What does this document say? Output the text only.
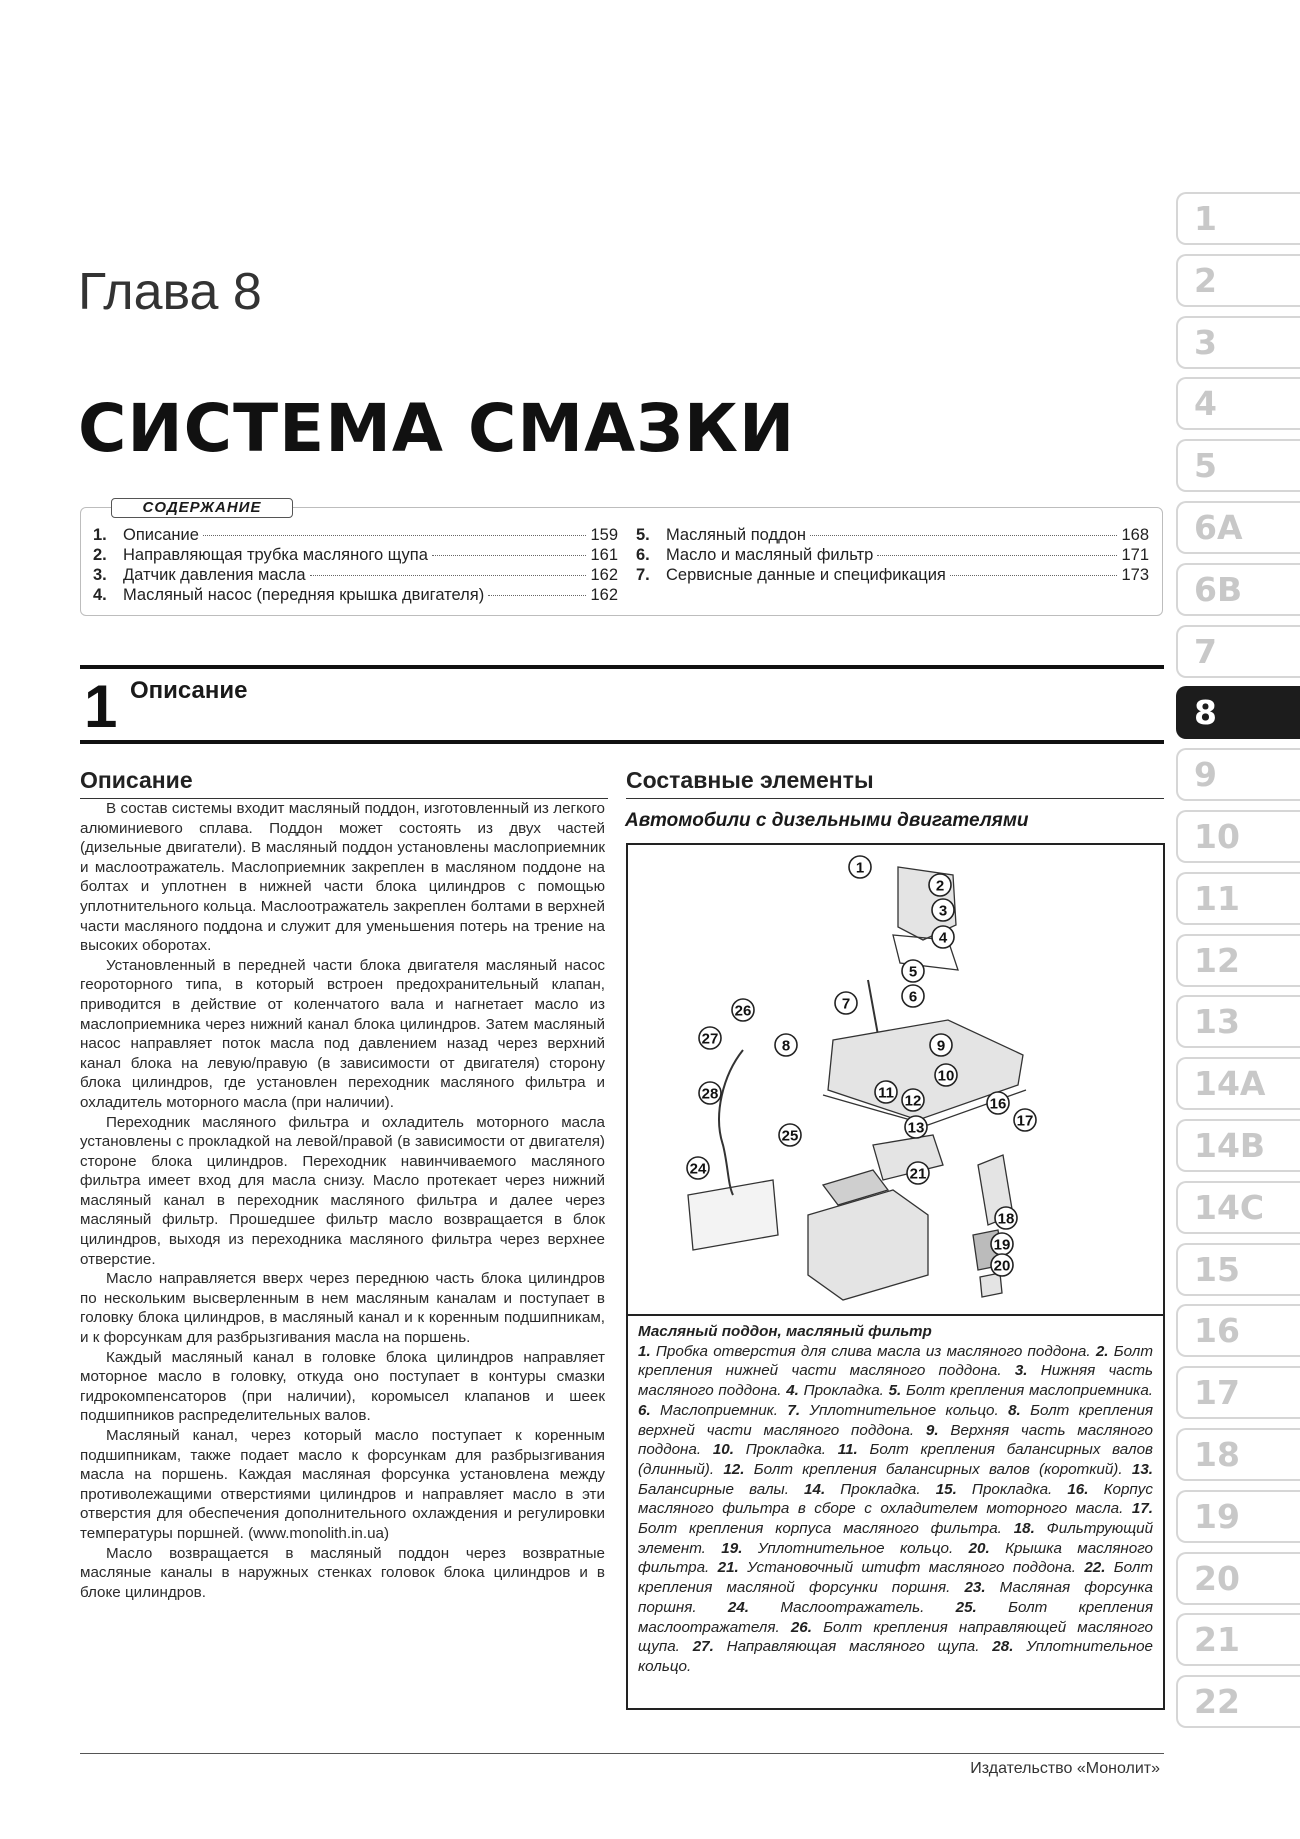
Глава 8
СИСТЕМА СМАЗКИ
СОДЕРЖАНИЕ
1. Описание	159
2. Направляющая трубка масляного щупа	161
3. Датчик давления масла	162
4. Масляный насос (передняя крышка двигателя)	162
5. Масляный поддон	168
6. Масло и масляный фильтр	171
7. Сервисные данные и спецификация	173
1 Описание
Описание

В состав системы входит масляный поддон, изготовленный из легкого алюминиевого сплава. Поддон может состоять из двух частей (дизельные двигатели). В масляный поддон установлены маслоприемник и маслоотражатель. Маслоприемник закреплен в масляном поддоне на болтах и уплотнен в нижней части блока цилиндров с помощью уплотнительного кольца. Маслоотражатель закреплен болтами в верхней части масляного поддона и служит для уменьшения потерь на трение на высоких оборотах.

Установленный в передней части блока двигателя масляный насос геороторного типа, в который встроен предохранительный клапан, приводится в действие от коленчатого вала и нагнетает масло из маслоприемника через нижний канал блока цилиндров. Затем масляный насос направляет поток масла под давлением назад через верхний канал блока на левую/правую (в зависимости от двигателя) сторону блока цилиндров, где установлен переходник масляного фильтра и охладитель моторного масла (при наличии).

Переходник масляного фильтра и охладитель моторного масла установлены с прокладкой на левой/правой (в зависимости от двигателя) стороне блока цилиндров. Переходник навинчиваемого масляного фильтра имеет вход для масла снизу. Масло протекает через нижний масляный канал в переходник масляного фильтра и далее через масляный фильтр. Прошедшее фильтр масло возвращается в блок цилиндров, выходя из переходника масляного фильтра через верхнее отверстие.

Масло направляется вверх через переднюю часть блока цилиндров по нескольким высверленным в нем масляным каналам и поступает в головку блока цилиндров, в масляный канал и к коренным подшипникам, и к форсункам для разбрызгивания масла на поршень.

Каждый масляный канал в головке блока цилиндров направляет моторное масло в головку, откуда оно поступает в контуры смазки гидрокомпенсаторов (при наличии), коромысел клапанов и шеек подшипников распределительных валов.

Масляный канал, через который масло поступает к коренным подшипникам, также подает масло к форсункам для разбрызгивания масла на поршень. Каждая масляная форсунка установлена между противолежащими отверстиями цилиндров и направляет масло в эти отверстия для обеспечения дополнительного охлаждения и регулировки температуры поршней. (www.monolith.in.ua)

Масло возвращается в масляный поддон через возвратные масляные каналы в наружных стенках головок блока цилиндров и в блоке цилиндров.

Составные элементы
Автомобили с дизельными двигателями
1
2
3
4
5
6
7
8	9
10
11 12
13
16
17
18
19
20
21
24
25
26
27
28
Масляный поддон, масляный фильтр
1. Пробка отверстия для слива масла из масляного поддона. 2. Болт крепления нижней части масляного поддона. 3. Нижняя часть масляного поддона. 4. Прокладка. 5. Болт крепления маслоприемника. 6. Маслоприемник. 7. Уплотнительное кольцо. 8. Болт крепления верхней части масляного поддона. 9. Верхняя часть масляного поддона. 10. Прокладка. 11. Болт крепления балансирных валов (длинный). 12. Болт крепления балансирных валов (короткий). 13. Балансирные валы. 14. Прокладка. 15. Прокладка. 16. Корпус масляного фильтра в сборе с охладителем моторного масла. 17. Болт крепления корпуса масляного фильтра. 18. Фильтрующий элемент. 19. Уплотнительное кольцо. 20. Крышка масляного фильтра. 21. Установочный штифт масляного поддона. 22. Болт крепления масляной форсунки поршня. 23. Масляная форсунка поршня. 24. Маслоотражатель. 25. Болт крепления маслоотражателя. 26. Болт крепления направляющей масляного щупа. 27. Направляющая масляного щупа. 28. Уплотнительное кольцо.
Издательство «Монолит»
1
2
3
4
5
6A
6B
7
8
9
10
11
12
13
14A
14B
14C
15
16
17
18
19
20
21
22
